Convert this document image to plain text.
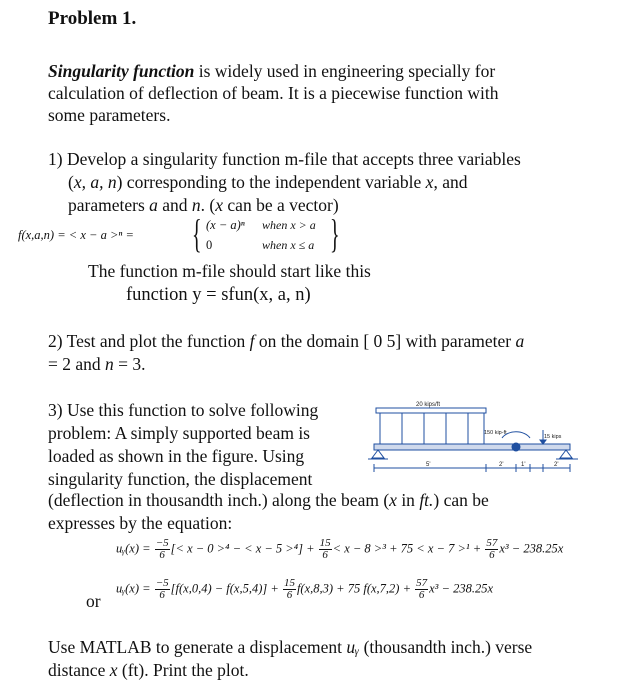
Problem 1.
Singularity function is widely used in engineering specially for
calculation of deflection of beam. It is a piecewise function with
some parameters.
1) Develop a singularity function m-file that accepts three variables
(x, a, n) corresponding to the independent variable x, and
parameters a and n. (x can be a vector)
f(x,a,n) = < x − a >ⁿ = { (x − a)ⁿ when x > a
0	when x ≤ a }
The function m-file should start like this
function y = sfun(x, a, n)
2) Test and plot the function f on the domain [ 0 5] with parameter a
= 2 and n = 3.
3) Use this function to solve following
problem: A simply supported beam is
loaded as shown in the figure. Using
singularity function, the displacement
(deflection in thousandth inch.) along the beam (x in ft.) can be
expresses by the equation:
20 kips/ft
150 kip-ft
15 kips
5'	2'	1'	2'
uᵧ(x) = $\frac{-5}{6}$ [< x − 0 >⁴ − < $x - 5 >^4] + \frac{15}{6} < x - 8 >^3 + 75 < x - 7 >^1 + \frac{57}{6} x^3 - 238.25x$
or
uᵧ(x) = $\frac{-5}{6} [f(x,0,4) - f(x,5,4)] + \frac{15}{6} f(x,8,3) + 75$ $f(x,7,2) + \frac{57}{6} x^3 - 238.25x$
Use MATLAB to generate a displacement uᵧ (thousandth inch.) verse
distance x (ft). Print the plot.
